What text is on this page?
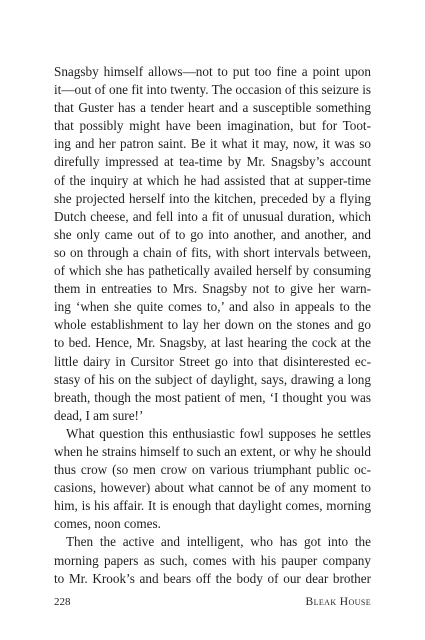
Snagsby himself allows—not to put too fine a point upon
it—out of one fit into twenty. The occasion of this seizure is
that Guster has a tender heart and a susceptible something
that possibly might have been imagination, but for Toot-
ing and her patron saint. Be it what it may, now, it was so
direfully impressed at tea-time by Mr. Snagsby’s account
of the inquiry at which he had assisted that at supper-time
she projected herself into the kitchen, preceded by a flying
Dutch cheese, and fell into a fit of unusual duration, which
she only came out of to go into another, and another, and
so on through a chain of fits, with short intervals between,
of which she has pathetically availed herself by consuming
them in entreaties to Mrs. Snagsby not to give her warn-
ing ‘when she quite comes to,’ and also in appeals to the
whole establishment to lay her down on the stones and go
to bed. Hence, Mr. Snagsby, at last hearing the cock at the
little dairy in Cursitor Street go into that disinterested ec-
stasy of his on the subject of daylight, says, drawing a long
breath, though the most patient of men, ‘I thought you was
dead, I am sure!’
What question this enthusiastic fowl supposes he settles
when he strains himself to such an extent, or why he should
thus crow (so men crow on various triumphant public oc-
casions, however) about what cannot be of any moment to
him, is his affair. It is enough that daylight comes, morning
comes, noon comes.
Then the active and intelligent, who has got into the
morning papers as such, comes with his pauper company
to Mr. Krook’s and bears off the body of our dear brother
228	Bleak House
